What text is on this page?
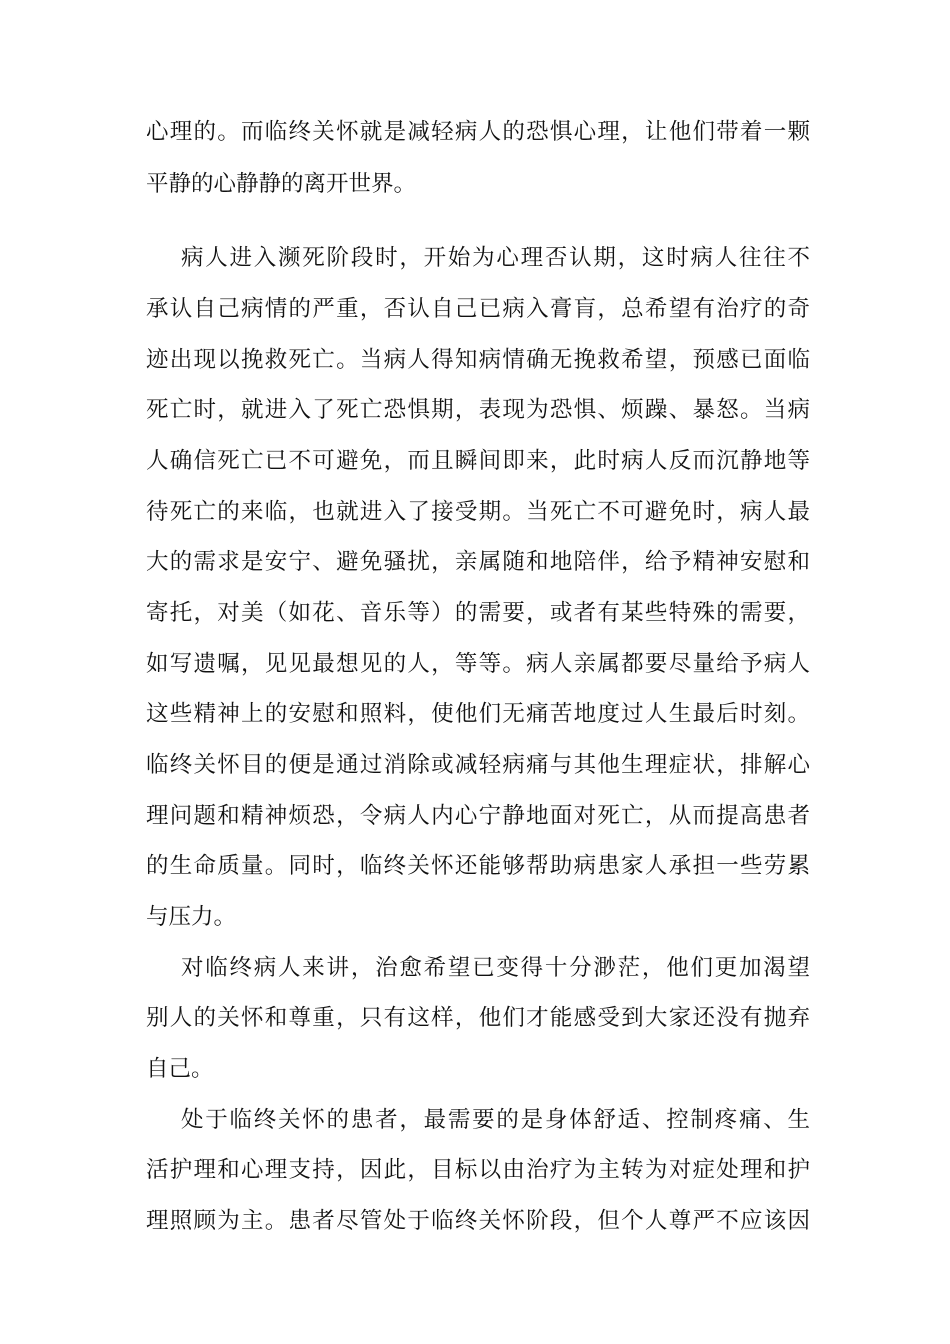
心理的。而临终关怀就是减轻病人的恐惧心理，让他们带着一颗
平静的心静静的离开世界。
病人进入濒死阶段时，开始为心理否认期，这时病人往往不
承认自己病情的严重，否认自己已病入膏肓，总希望有治疗的奇
迹出现以挽救死亡。当病人得知病情确无挽救希望，预感已面临
死亡时，就进入了死亡恐惧期，表现为恐惧、烦躁、暴怒。当病
人确信死亡已不可避免，而且瞬间即来，此时病人反而沉静地等
待死亡的来临，也就进入了接受期。当死亡不可避免时，病人最
大的需求是安宁、避免骚扰，亲属随和地陪伴，给予精神安慰和
寄托，对美（如花、音乐等）的需要，或者有某些特殊的需要，
如写遗嘱，见见最想见的人，等等。病人亲属都要尽量给予病人
这些精神上的安慰和照料，使他们无痛苦地度过人生最后时刻。
临终关怀目的便是通过消除或减轻病痛与其他生理症状，排解心
理问题和精神烦恐，令病人内心宁静地面对死亡，从而提高患者
的生命质量。同时，临终关怀还能够帮助病患家人承担一些劳累
与压力。
对临终病人来讲，治愈希望已变得十分渺茫，他们更加渴望
别人的关怀和尊重，只有这样，他们才能感受到大家还没有抛弃
自己。
处于临终关怀的患者，最需要的是身体舒适、控制疼痛、生
活护理和心理支持，因此，目标以由治疗为主转为对症处理和护
理照顾为主。患者尽管处于临终关怀阶段，但个人尊严不应该因
